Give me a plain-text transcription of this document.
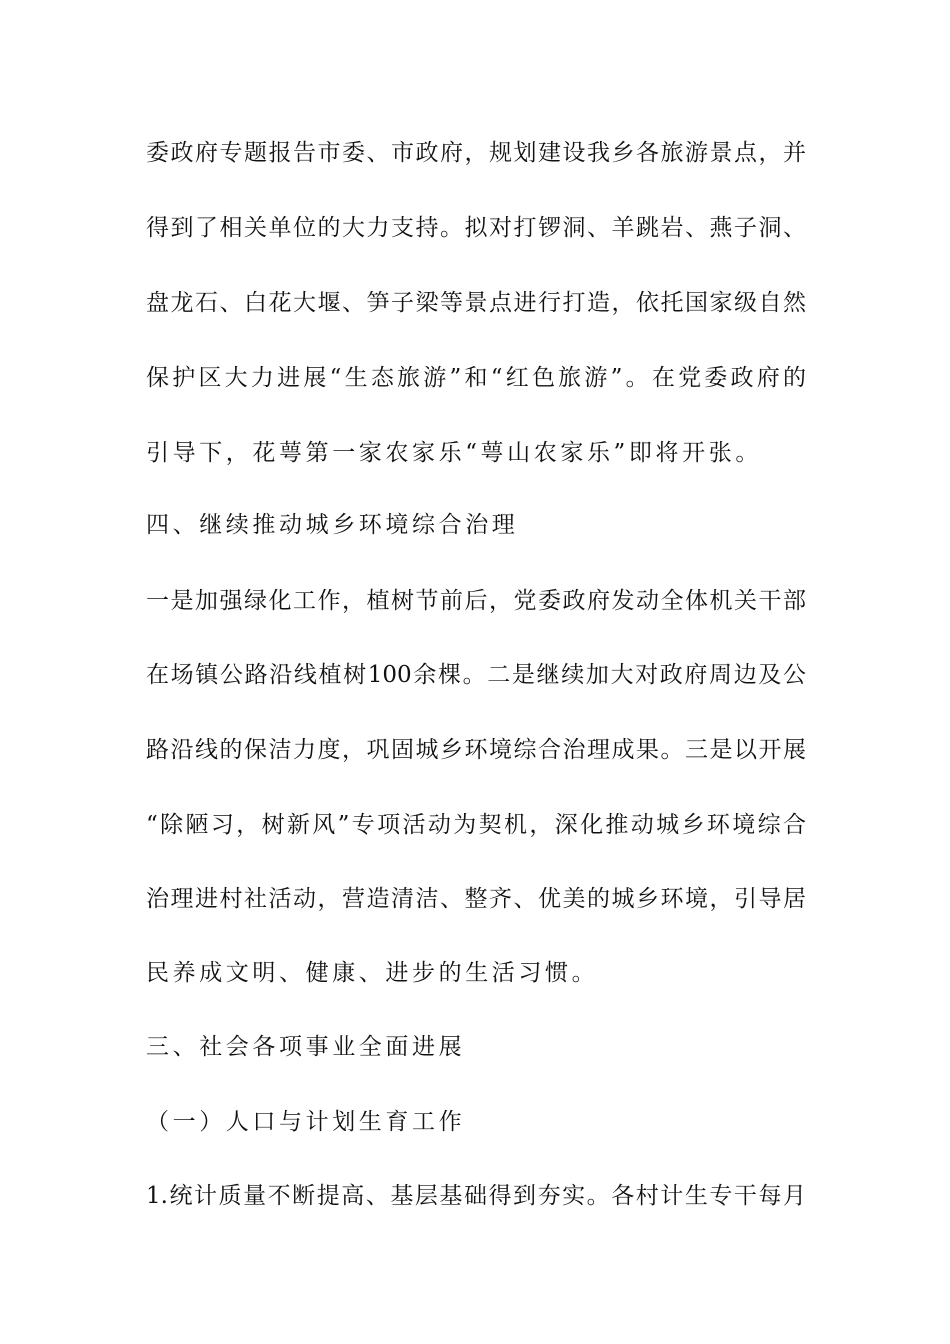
委政府专题报告市委、市政府，规划建设我乡各旅游景点，并
得到了相关单位的大力支持。拟对打锣洞、羊跳岩、燕子洞、
盘龙石、白花大堰、笋子梁等景点进行打造，依托国家级自然
保护区大力进展“生态旅游”和“红色旅游”。在党委政府的
引导下，花萼第一家农家乐“萼山农家乐”即将开张。
四、继续推动城乡环境综合治理
一是加强绿化工作，植树节前后，党委政府发动全体机关干部
在场镇公路沿线植树100余棵。二是继续加大对政府周边及公
路沿线的保洁力度，巩固城乡环境综合治理成果。三是以开展
“除陋习，树新风”专项活动为契机，深化推动城乡环境综合
治理进村社活动，营造清洁、整齐、优美的城乡环境，引导居
民养成文明、健康、进步的生活习惯。
三、社会各项事业全面进展
（一）人口与计划生育工作
1.统计质量不断提高、基层基础得到夯实。各村计生专干每月
